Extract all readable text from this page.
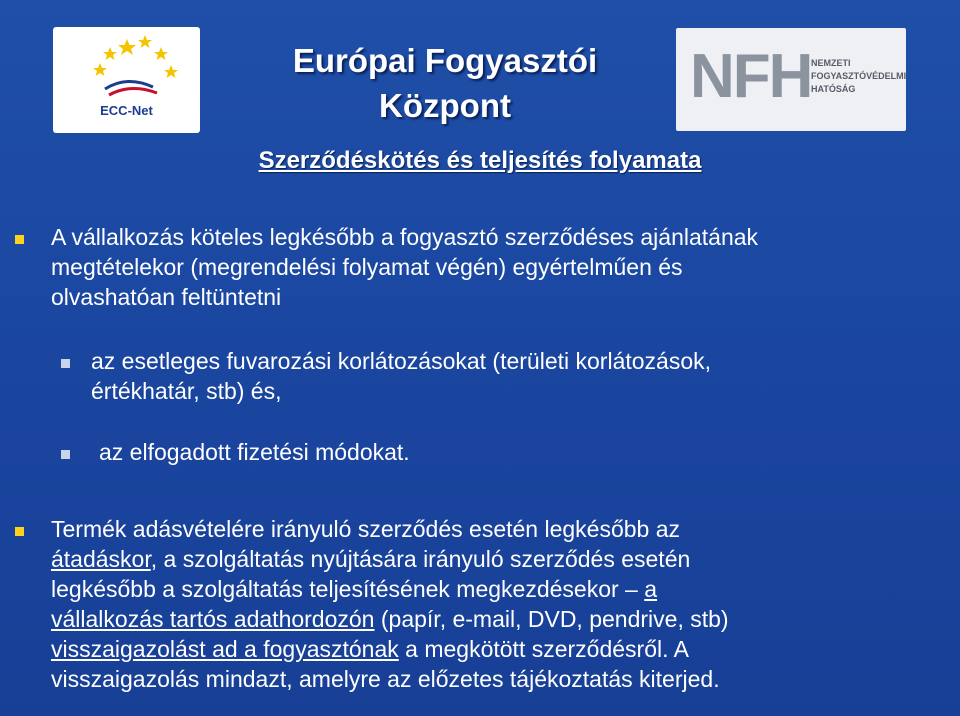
ECC-Net	NFH NEMZETI
FOGYASZTÓVÉDELMI
HATÓSÁG
Európai Fogyasztói
Központ
Szerződéskötés és teljesítés folyamata
A vállalkozás köteles legkésőbb a fogyasztó szerződéses ajánlatának
megtételekor (megrendelési folyamat végén) egyértelműen és
olvashatóan feltüntetni
az esetleges fuvarozási korlátozásokat (területi korlátozások,
értékhatár, stb) és,
az elfogadott fizetési módokat.
Termék adásvételére irányuló szerződés esetén legkésőbb az
átadáskor, a szolgáltatás nyújtására irányuló szerződés esetén
legkésőbb a szolgáltatás teljesítésének megkezdésekor – a
vállalkozás tartós adathordozón (papír, e-mail, DVD, pendrive, stb)
visszaigazolást ad a fogyasztónak a megkötött szerződésről. A
visszaigazolás mindazt, amelyre az előzetes tájékoztatás kiterjed.
